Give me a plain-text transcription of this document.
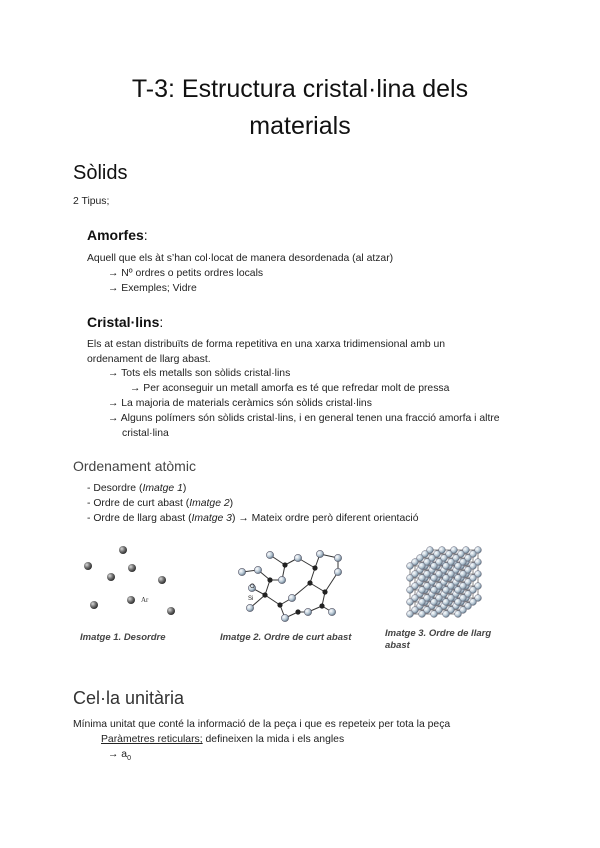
T-3: Estructura cristal·lina dels
materials
Sòlids
2 Tipus;
Amorfes:
Aquell que els àt s’han col·locat de manera desordenada (al atzar)
→ Nº ordres o petits ordres locals
→ Exemples; Vidre
Cristal·lins:
Els at estan distribuïts de forma repetitiva en una xarxa tridimensional amb un
ordenament de llarg abast.
→ Tots els metalls son sòlids cristal·lins
→ Per aconseguir un metall amorfa es té que refredar molt de pressa
→ La majoria de materials ceràmics són sòlids cristal·lins
→ Alguns polímers són sòlids cristal·lins, i en general tenen una fracció amorfa i altre
cristal·lina
Ordenament atòmic
- Desordre (Imatge 1)
- Ordre de curt abast (Imatge 2)
- Ordre de llarg abast (Imatge 3) → Mateix ordre però diferent orientació
Ar
O
Si
Imatge 1. Desordre	Imatge 2. Ordre de curt abast	Imatge 3. Ordre de llarg
abast
Cel·la unitària
Mínima unitat que conté la informació de la peça i que es repeteix per tota la peça
Paràmetres reticulars; defineixen la mida i els angles
→ $a_0$
